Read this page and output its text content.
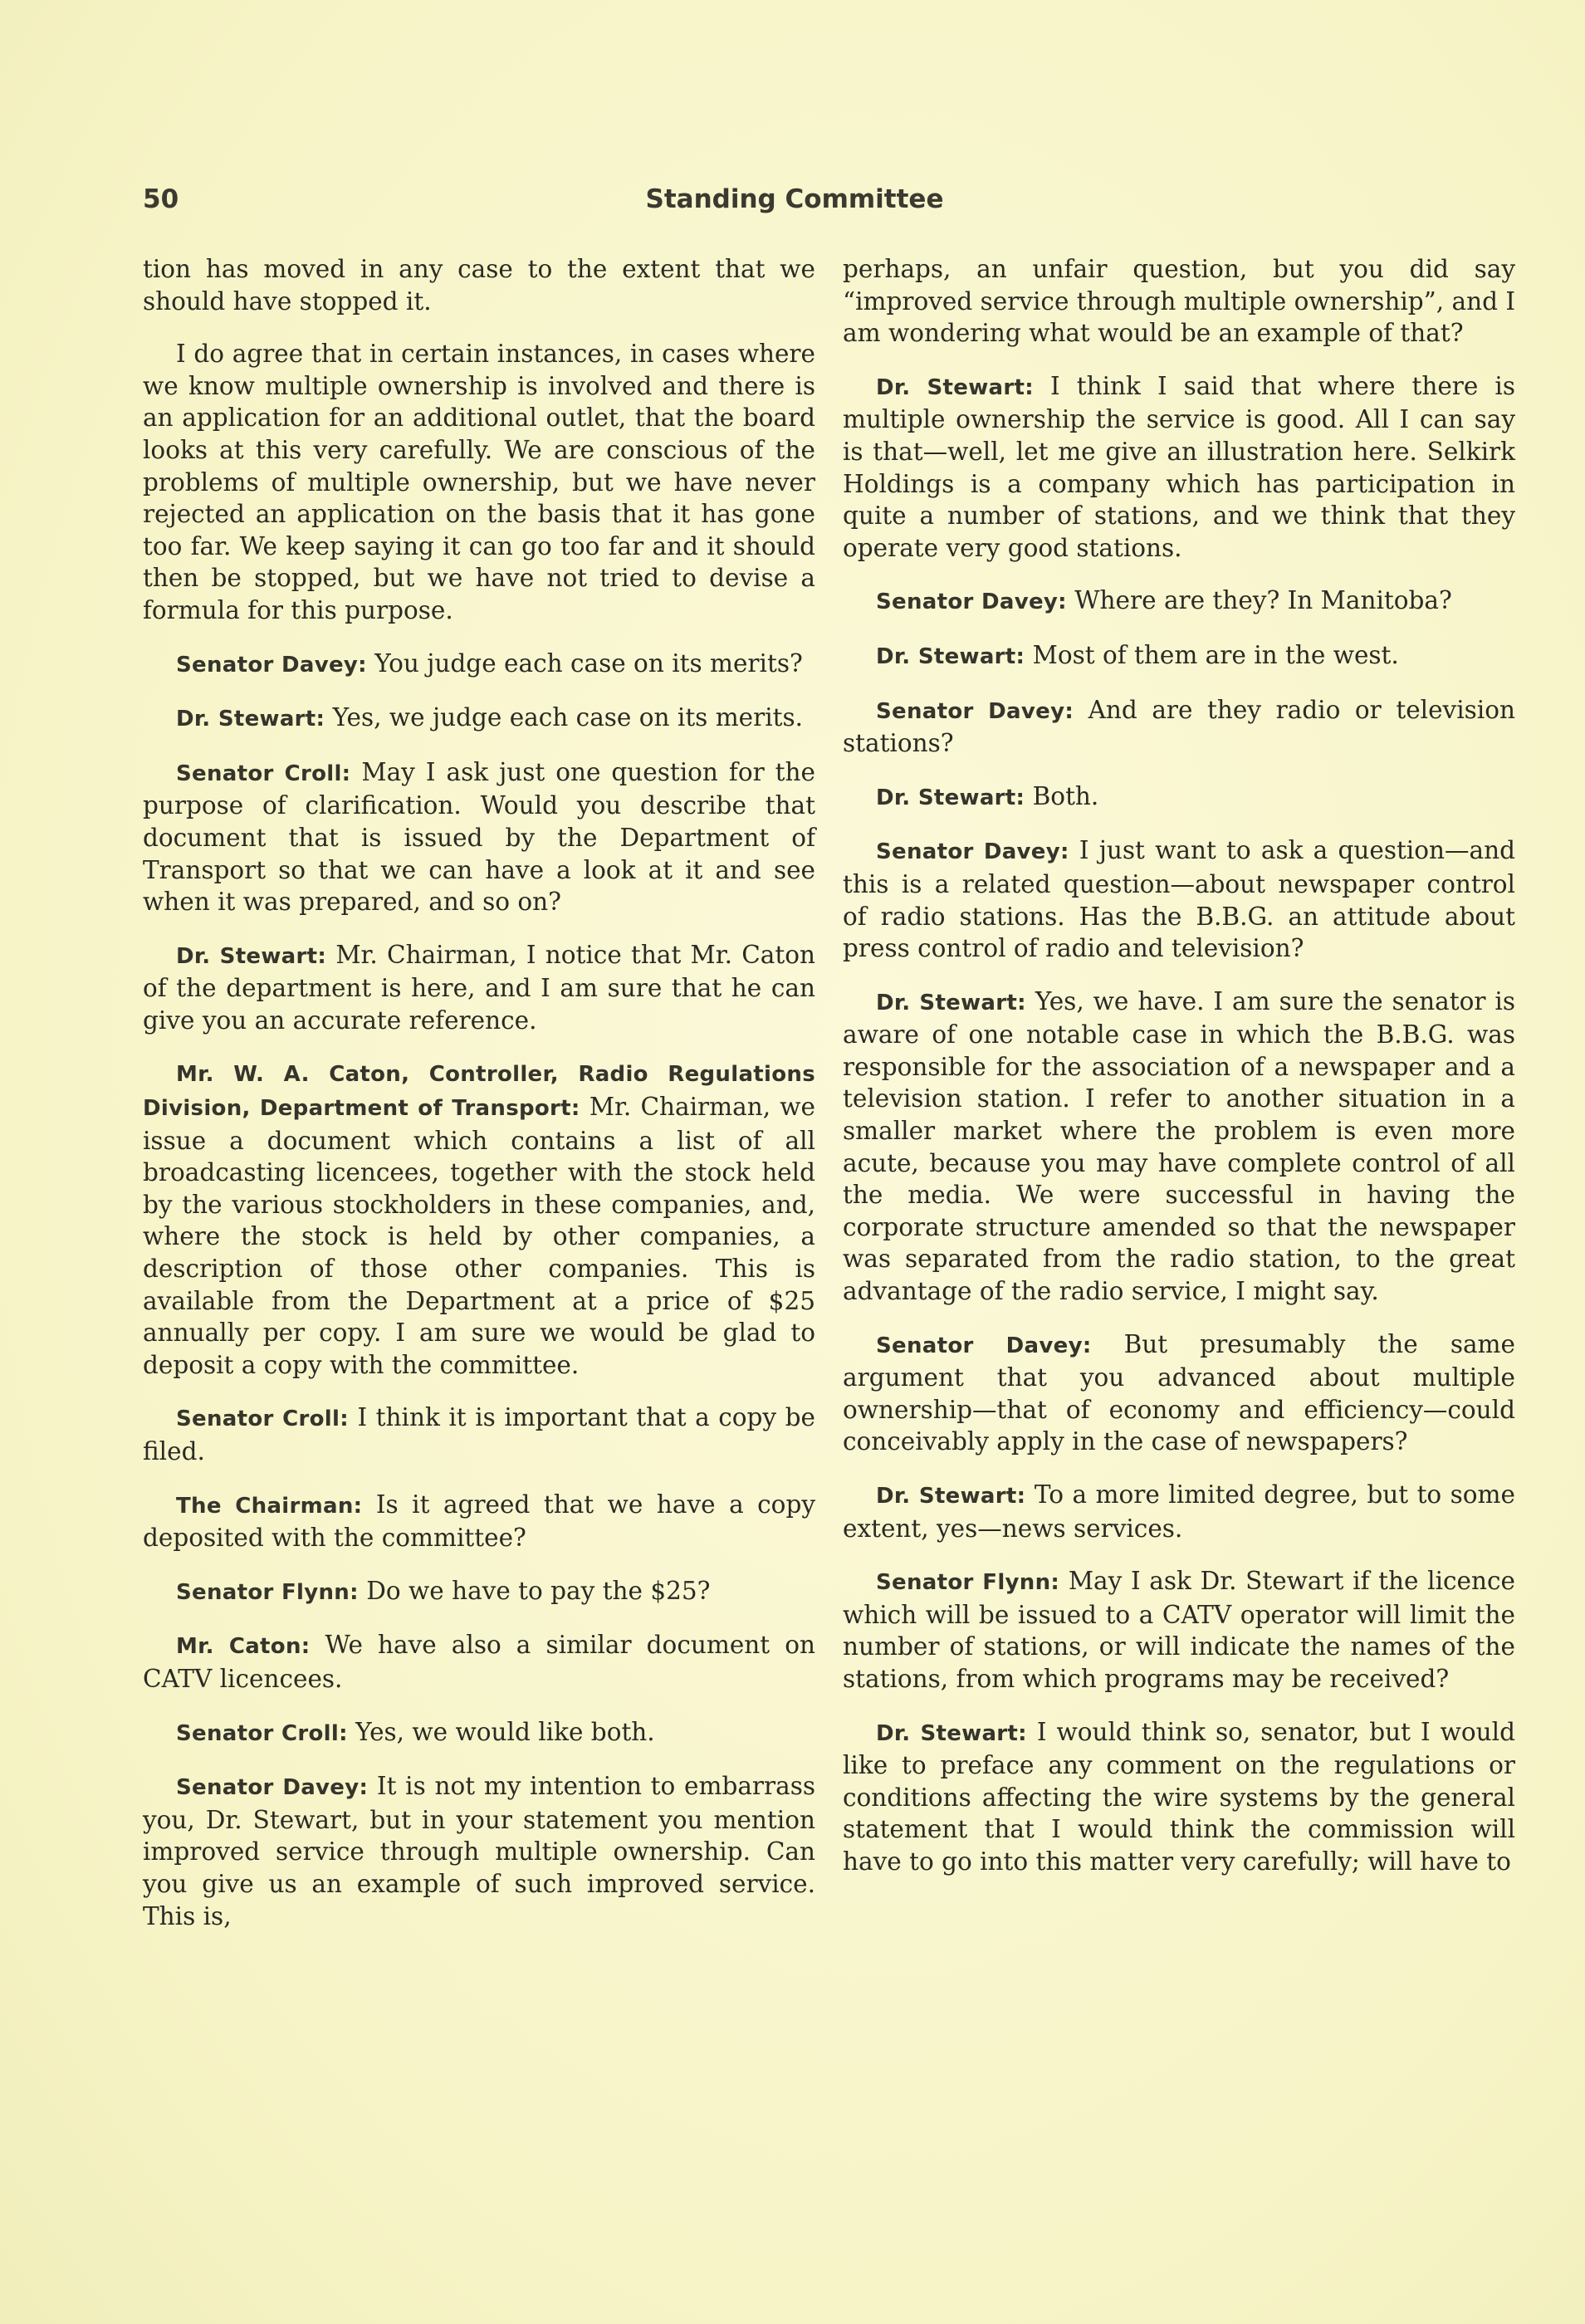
50	Standing Committee

tion has moved in any case to the extent that we should have stopped it.

I do agree that in certain instances, in cases where we know multiple ownership is involved and there is an application for an additional outlet, that the board looks at this very carefully. We are conscious of the problems of multiple ownership, but we have never rejected an application on the basis that it has gone too far. We keep saying it can go too far and it should then be stopped, but we have not tried to devise a formula for this purpose.

Senator Davey: You judge each case on its merits?

Dr. Stewart: Yes, we judge each case on its merits.

Senator Croll: May I ask just one question for the purpose of clarification. Would you describe that document that is issued by the Department of Transport so that we can have a look at it and see when it was prepared, and so on?

Dr. Stewart: Mr. Chairman, I notice that Mr. Caton of the department is here, and I am sure that he can give you an accurate reference.

Mr. W. A. Caton, Controller, Radio Regulations Division, Department of Transport: Mr. Chairman, we issue a document which contains a list of all broadcasting licencees, together with the stock held by the various stockholders in these companies, and, where the stock is held by other companies, a description of those other companies. This is available from the Department at a price of $25 annually per copy. I am sure we would be glad to deposit a copy with the committee.

Senator Croll: I think it is important that a copy be filed.

The Chairman: Is it agreed that we have a copy deposited with the committee?

Senator Flynn: Do we have to pay the $25?

Mr. Caton: We have also a similar document on CATV licencees.

Senator Croll: Yes, we would like both.

Senator Davey: It is not my intention to embarrass you, Dr. Stewart, but in your statement you mention improved service through multiple ownership. Can you give us an example of such improved service. This is,

perhaps, an unfair question, but you did say “improved service through multiple ownership”, and I am wondering what would be an example of that?

Dr. Stewart: I think I said that where there is multiple ownership the service is good. All I can say is that—well, let me give an illustration here. Selkirk Holdings is a company which has participation in quite a number of stations, and we think that they operate very good stations.

Senator Davey: Where are they? In Manitoba?

Dr. Stewart: Most of them are in the west.

Senator Davey: And are they radio or television stations?

Dr. Stewart: Both.

Senator Davey: I just want to ask a question—and this is a related question—about newspaper control of radio stations. Has the B.B.G. an attitude about press control of radio and television?

Dr. Stewart: Yes, we have. I am sure the senator is aware of one notable case in which the B.B.G. was responsible for the association of a newspaper and a television station. I refer to another situation in a smaller market where the problem is even more acute, because you may have complete control of all the media. We were successful in having the corporate structure amended so that the newspaper was separated from the radio station, to the great advantage of the radio service, I might say.

Senator Davey: But presumably the same argument that you advanced about multiple ownership—that of economy and efficiency—could conceivably apply in the case of newspapers?

Dr. Stewart: To a more limited degree, but to some extent, yes—news services.

Senator Flynn: May I ask Dr. Stewart if the licence which will be issued to a CATV operator will limit the number of stations, or will indicate the names of the stations, from which programs may be received?

Dr. Stewart: I would think so, senator, but I would like to preface any comment on the regulations or conditions affecting the wire systems by the general statement that I would think the commission will have to go into this matter very carefully; will have to
